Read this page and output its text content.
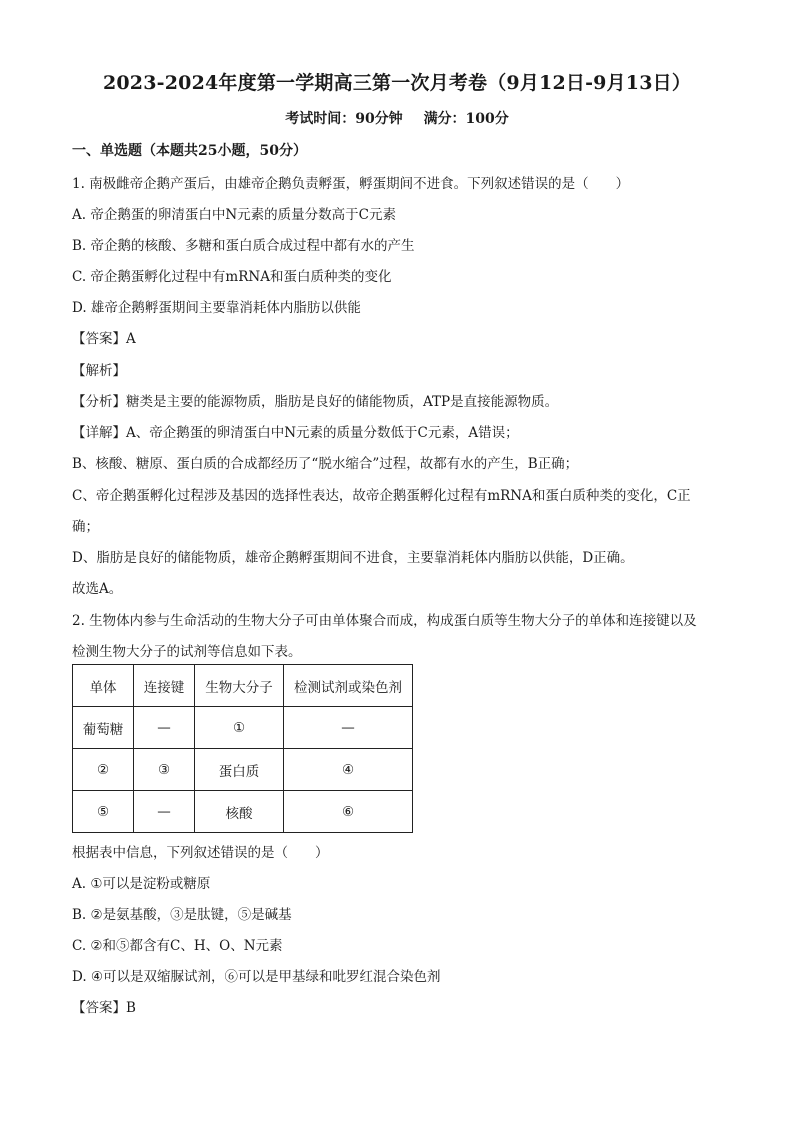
2023-2024年度第一学期高三第一次月考卷（9月12日-9月13日）
考试时间：90分钟 满分：100分
一、单选题（本题共25小题，50分）
1. 南极雌帝企鹅产蛋后，由雄帝企鹅负责孵蛋，孵蛋期间不进食。下列叙述错误的是（　　）
A. 帝企鹅蛋的卵清蛋白中N元素的质量分数高于C元素
B. 帝企鹅的核酸、多糖和蛋白质合成过程中都有水的产生
C. 帝企鹅蛋孵化过程中有mRNA和蛋白质种类的变化
D. 雄帝企鹅孵蛋期间主要靠消耗体内脂肪以供能
【答案】A
【解析】
【分析】糖类是主要的能源物质，脂肪是良好的储能物质，ATP是直接能源物质。
【详解】A、帝企鹅蛋的卵清蛋白中N元素的质量分数低于C元素，A错误；
B、核酸、糖原、蛋白质的合成都经历了“脱水缩合”过程，故都有水的产生，B正确；
C、帝企鹅蛋孵化过程涉及基因的选择性表达，故帝企鹅蛋孵化过程有mRNA和蛋白质种类的变化，C正
确；
D、脂肪是良好的储能物质，雄帝企鹅孵蛋期间不进食，主要靠消耗体内脂肪以供能，D正确。
故选A。
2. 生物体内参与生命活动的生物大分子可由单体聚合而成，构成蛋白质等生物大分子的单体和连接键以及
检测生物大分子的试剂等信息如下表。
单体	连接键	生物大分子	检测试剂或染色剂
葡萄糖	—	①	—
②	③	蛋白质	④
⑤	—	核酸	⑥
根据表中信息，下列叙述错误的是（　　）
A. ①可以是淀粉或糖原
B. ②是氨基酸，③是肽键，⑤是碱基
C. ②和⑤都含有C、H、O、N元素
D. ④可以是双缩脲试剂，⑥可以是甲基绿和吡罗红混合染色剂
【答案】B
